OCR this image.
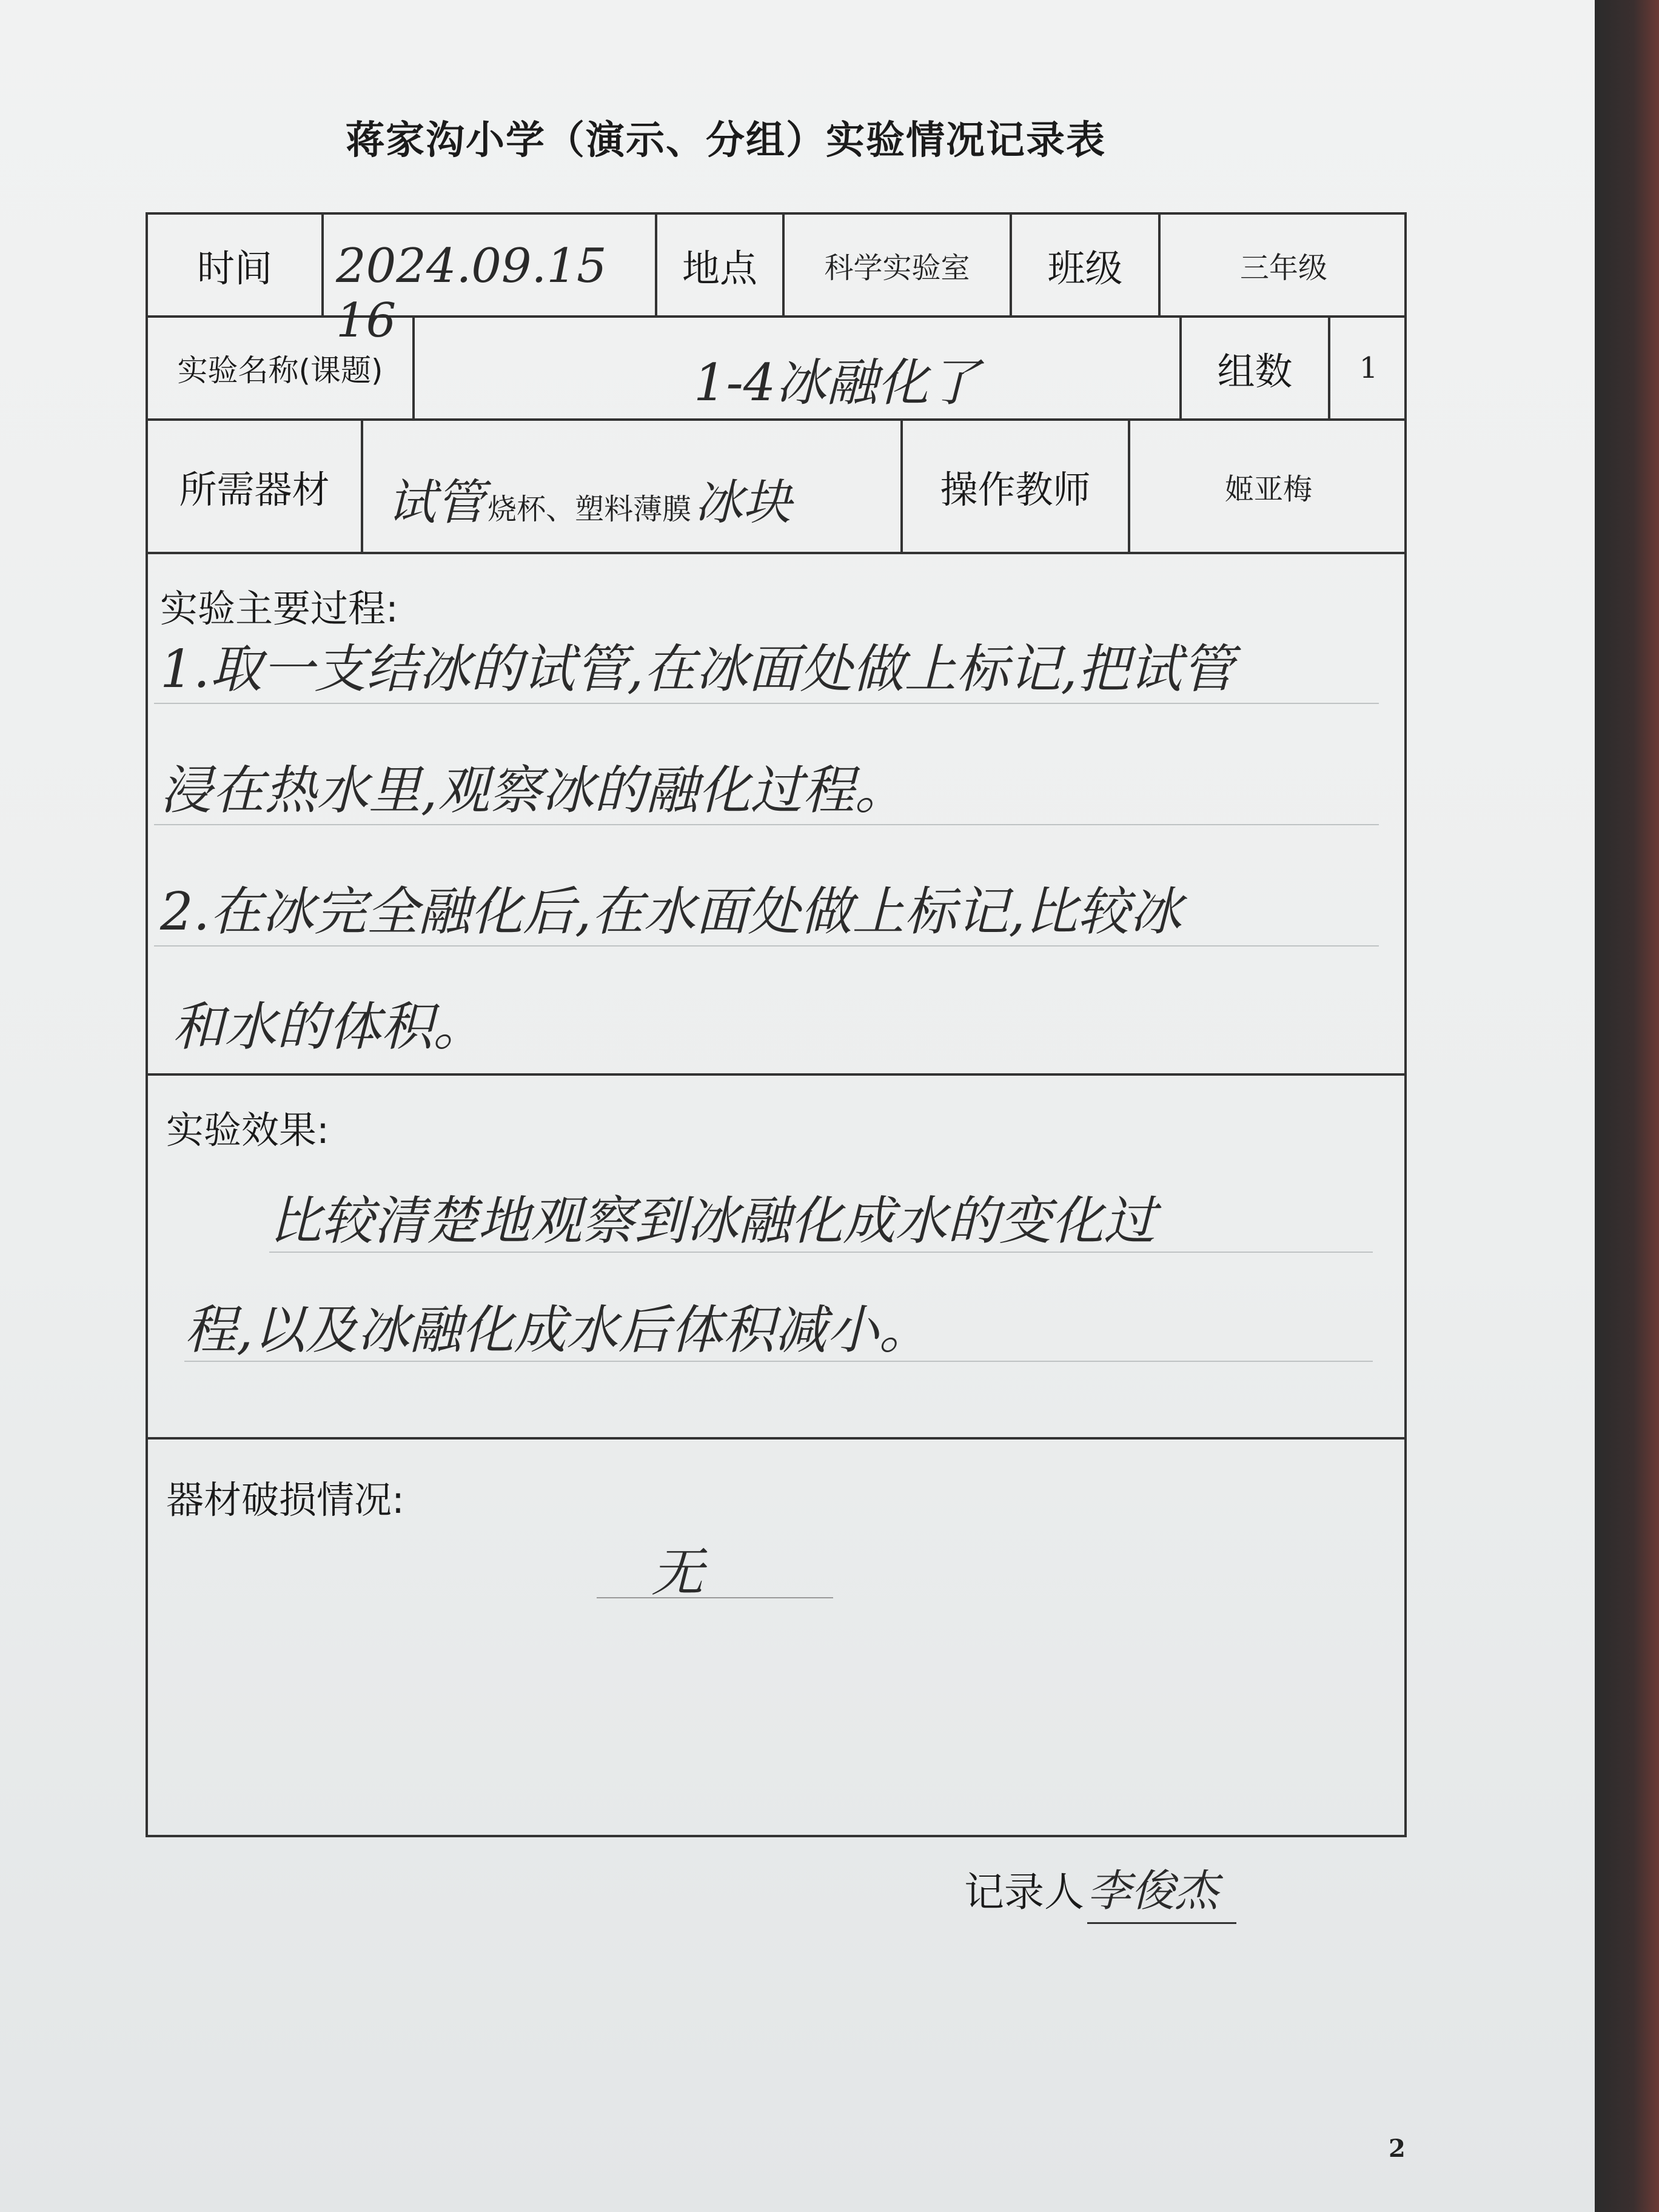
蒋家沟小学（演示、分组）实验情况记录表
时间	2024.09.15 16
地点	科学实验室	班级	三年级
实验名称(课题)	1-4冰融化了	组数	1
所需器材	试管 烧杯、塑料薄膜 冰块	操作教师	姬亚梅
实验主要过程:
1.取一支结冰的试管,在冰面处做上标记,把试管
浸在热水里,观察冰的融化过程。
2.在冰完全融化后,在水面处做上标记,比较冰
和水的体积。
实验效果:
比较清楚地观察到冰融化成水的变化过
程,以及冰融化成水后体积减小。
器材破损情况:
无
记录人 李俊杰
2
